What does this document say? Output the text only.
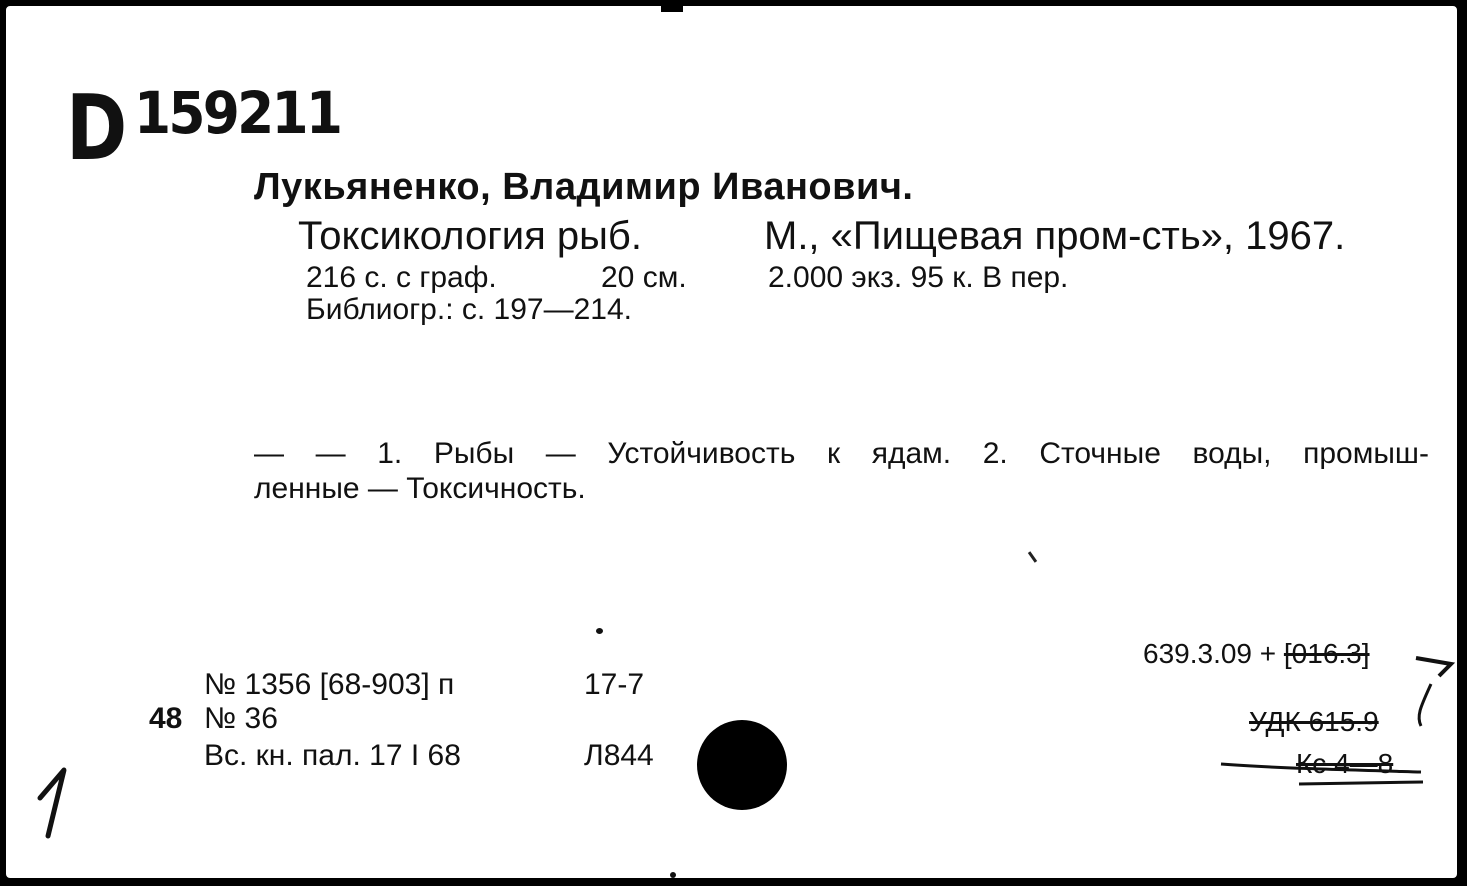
D 159211
Лукьяненко, Владимир Иванович.
Токсикология рыб.	М., «Пищевая пром-сть», 1967.
216 с. с граф.	20 см.	2.000 экз. 95 к. В пер.
Библиогр.: с. 197—214.
— — 1. Рыбы — Устойчивость к ядам. 2. Сточные воды, промыш-
ленные — Токсичность.
№ 1356 [68-903] п	17-7
48 № 36
Вс. кн. пал. 17 I 68	Л844
639.3.09 + [016.3]
УДК 615.9
Кс 4—8
